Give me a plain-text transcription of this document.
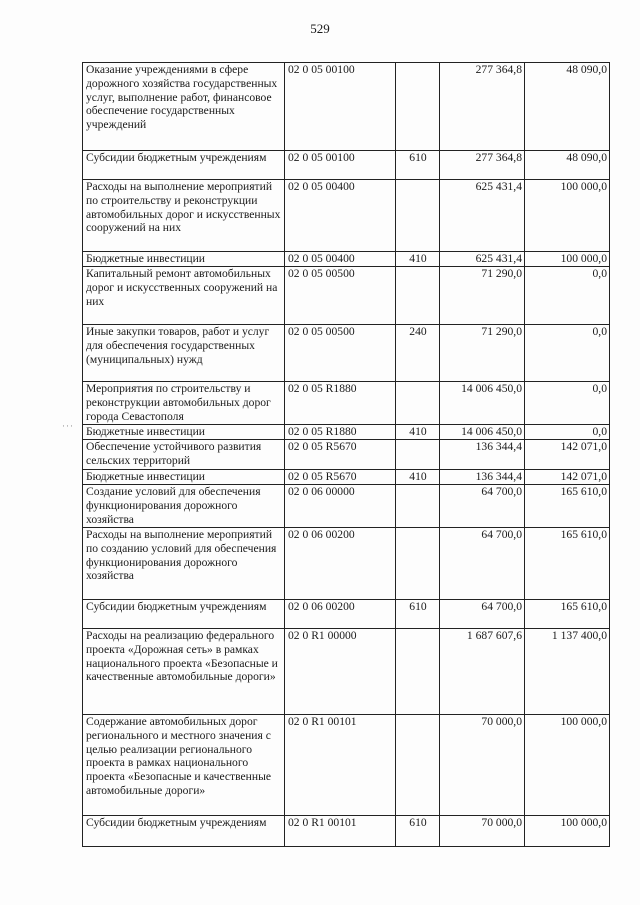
529
···
Оказание учреждениями в сфере дорожного хозяйства государственных услуг, выполнение работ, финансовое обеспечение государственных учреждений	02 0 05 00100		277 364,8	48 090,0
Субсидии бюджетным учреждениям	02 0 05 00100	610	277 364,8	48 090,0
Расходы на выполнение мероприятий по строительству и реконструкции автомобильных дорог и искусственных сооружений на них	02 0 05 00400		625 431,4	100 000,0
Бюджетные инвестиции	02 0 05 00400	410	625 431,4	100 000,0
Капитальный ремонт автомобильных дорог и искусственных сооружений на них	02 0 05 00500		71 290,0	0,0
Иные закупки товаров, работ и услуг для обеспечения государственных (муниципальных) нужд	02 0 05 00500	240	71 290,0	0,0
Мероприятия по строительству и реконструкции автомобильных дорог города Севастополя	02 0 05 R1880		14 006 450,0	0,0
Бюджетные инвестиции	02 0 05 R1880	410	14 006 450,0	0,0
Обеспечение устойчивого развития сельских территорий	02 0 05 R5670		136 344,4	142 071,0
Бюджетные инвестиции	02 0 05 R5670	410	136 344,4	142 071,0
Создание условий для обеспечения функционирования дорожного хозяйства	02 0 06 00000		64 700,0	165 610,0
Расходы на выполнение мероприятий по созданию условий для обеспечения функционирования дорожного хозяйства	02 0 06 00200		64 700,0	165 610,0
Субсидии бюджетным учреждениям	02 0 06 00200	610	64 700,0	165 610,0
Расходы на реализацию федерального проекта «Дорожная сеть» в рамках национального проекта «Безопасные и качественные автомобильные дороги»	02 0 R1 00000		1 687 607,6	1 137 400,0
Содержание автомобильных дорог регионального и местного значения с целью реализации регионального проекта в рамках национального проекта «Безопасные и качественные автомобильные дороги»	02 0 R1 00101		70 000,0	100 000,0
Субсидии бюджетным учреждениям	02 0 R1 00101	610	70 000,0	100 000,0
